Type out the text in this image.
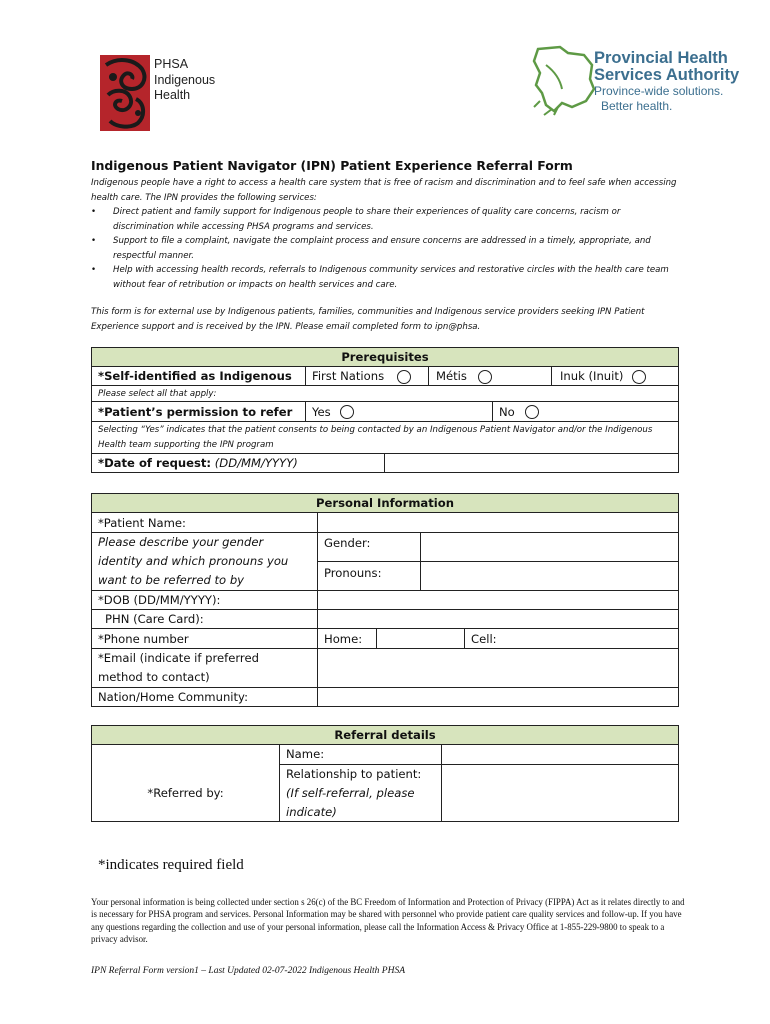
PHSA
Indigenous
Health
Provincial Health
Services Authority
Province-wide solutions.
Better health.
Indigenous Patient Navigator (IPN) Patient Experience Referral Form
Indigenous people have a right to access a health care system that is free of racism and discrimination and to feel safe when accessing health care. The IPN provides the following services:
• Direct patient and family support for Indigenous people to share their experiences of quality care concerns, racism or discrimination while accessing PHSA programs and services.
• Support to file a complaint, navigate the complaint process and ensure concerns are addressed in a timely, appropriate, and respectful manner.
• Help with accessing health records, referrals to Indigenous community services and restorative circles with the health care team without fear of retribution or impacts on health services and care.
This form is for external use by Indigenous patients, families, communities and Indigenous service providers seeking IPN Patient Experience support and is received by the IPN. Please email completed form to ipn@phsa.
Prerequisites
*Self-identified as Indigenous First Nations	Métis	Inuk (Inuit)
Please select all that apply:
*Patient’s permission to refer Yes	No
Selecting “Yes” indicates that the patient consents to being contacted by an Indigenous Patient Navigator and/or the Indigenous Health team supporting the IPN program
*Date of request: (DD/MM/YYYY)
Personal Information
*Patient Name:
Please describe your gender
identity and which pronouns you
want to be referred to by
Gender:
Pronouns:
*DOB (DD/MM/YYYY):
PHN (Care Card):
*Phone number	Home:	Cell:
*Email (indicate if preferred
method to contact)
Nation/Home Community:
Referral details
*Referred by:
Name:
Relationship to patient:
(If self-referral, please
indicate)
*indicates required field
Your personal information is being collected under section s 26(c) of the BC Freedom of Information and Protection of Privacy (FIPPA) Act as it relates directly to and is necessary for PHSA program and services. Personal Information may be shared with personnel who provide patient care quality services and follow-up. If you have any questions regarding the collection and use of your personal information, please call the Information Access & Privacy Office at 1-855-229-9800 to speak to a privacy advisor.
IPN Referral Form version1 – Last Updated 02-07-2022 Indigenous Health PHSA
